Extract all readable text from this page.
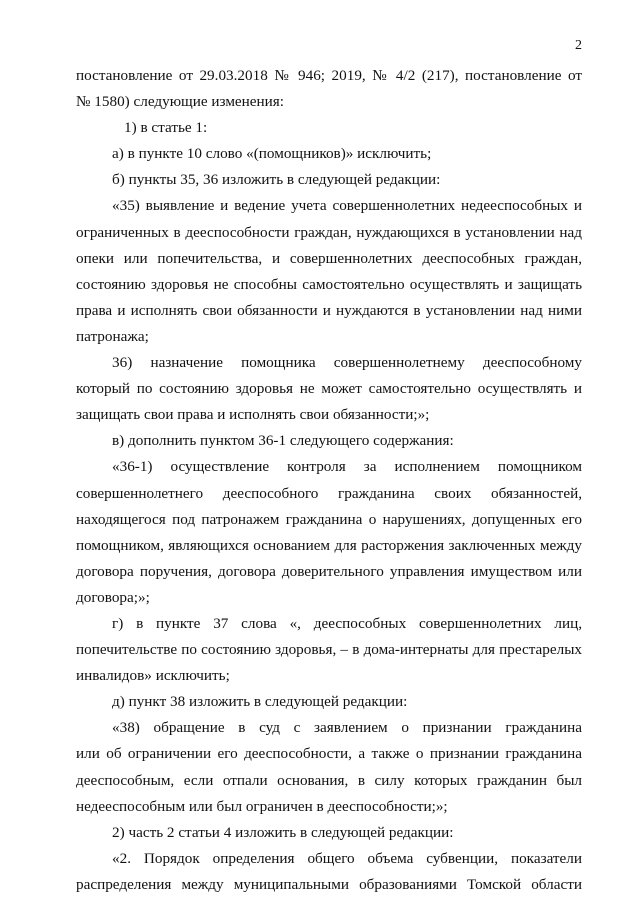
2
постановление от 29.03.2018 № 946; 2019, № 4/2 (217), постановление от
№ 1580) следующие изменения:
1) в статье 1:
а) в пункте 10 слово «(помощников)» исключить;
б) пункты 35, 36 изложить в следующей редакции:
«35) выявление и ведение учета совершеннолетних недееспособных и
ограниченных в дееспособности граждан, нуждающихся в установлении над
опеки или попечительства, и совершеннолетних дееспособных граждан,
состоянию здоровья не способны самостоятельно осуществлять и защищать
права и исполнять свои обязанности и нуждаются в установлении над ними
патронажа;
36) назначение помощника совершеннолетнему дееспособному
который по состоянию здоровья не может самостоятельно осуществлять и
защищать свои права и исполнять свои обязанности;»;
в) дополнить пунктом 36-1 следующего содержания:
«36-1) осуществление контроля за исполнением помощником
совершеннолетнего дееспособного гражданина своих обязанностей,
находящегося под патронажем гражданина о нарушениях, допущенных его
помощником, являющихся основанием для расторжения заключенных между
договора поручения, договора доверительного управления имуществом или
договора;»;
г) в пункте 37 слова «, дееспособных совершеннолетних лиц,
попечительстве по состоянию здоровья, – в дома-интернаты для престарелых
инвалидов» исключить;
д) пункт 38 изложить в следующей редакции:
«38) обращение в суд с заявлением о признании гражданина
или об ограничении его дееспособности, а также о признании гражданина
дееспособным, если отпали основания, в силу которых гражданин был
недееспособным или был ограничен в дееспособности;»;
2) часть 2 статьи 4 изложить в следующей редакции:
«2. Порядок определения общего объема субвенции, показатели
распределения между муниципальными образованиями Томской области
